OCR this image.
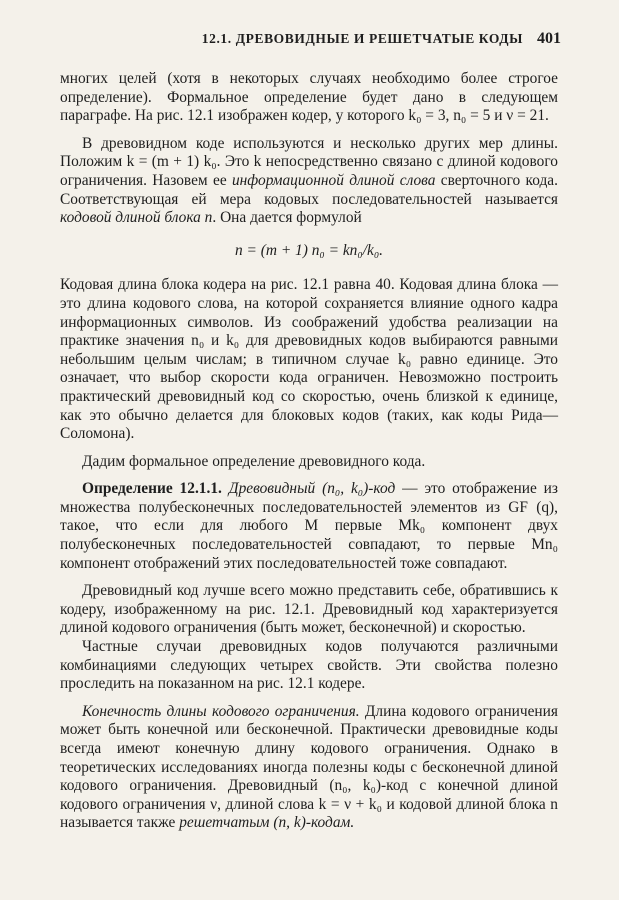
12.1. ДРЕВОВИДНЫЕ И РЕШЕТЧАТЫЕ КОДЫ 401

многих целей (хотя в некоторых случаях необходимо более строгое определение). Формальное определение будет дано в следующем параграфе. На рис. 12.1 изображен кодер, у которого k₀ = 3, n₀ = 5 и ν = 21.

В древовидном коде используются и несколько других мер длины. Положим k = (m + 1) k₀. Это k непосредственно связано с длиной кодового ограничения. Назовем ее информационной длиной слова сверточного кода. Соответствующая ей мера кодовых последовательностей называется кодовой длиной блока n. Она дается формулой

n = (m + 1) n₀ = kn₀/k₀.

Кодовая длина блока кодера на рис. 12.1 равна 40. Кодовая длина блока — это длина кодового слова, на которой сохраняется влияние одного кадра информационных символов. Из соображений удобства реализации на практике значения n₀ и k₀ для древовидных кодов выбираются равными небольшим целым числам; в типичном случае k₀ равно единице. Это означает, что выбор скорости кода ограничен. Невозможно построить практический древовидный код со скоростью, очень близкой к единице, как это обычно делается для блоковых кодов (таких, как коды Рида—Соломона).

Дадим формальное определение древовидного кода.

Определение 12.1.1. Древовидный (n₀, k₀)-код — это отображение из множества полубесконечных последовательностей элементов из GF (q), такое, что если для любого M первые Mk₀ компонент двух полубесконечных последовательностей совпадают, то первые Mn₀ компонент отображений этих последовательностей тоже совпадают.

Древовидный код лучше всего можно представить себе, обратившись к кодеру, изображенному на рис. 12.1. Древовидный код характеризуется длиной кодового ограничения (быть может, бесконечной) и скоростью.

Частные случаи древовидных кодов получаются различными комбинациями следующих четырех свойств. Эти свойства полезно проследить на показанном на рис. 12.1 кодере.

Конечность длины кодового ограничения. Длина кодового ограничения может быть конечной или бесконечной. Практически древовидные коды всегда имеют конечную длину кодового ограничения. Однако в теоретических исследованиях иногда полезны коды с бесконечной длиной кодового ограничения. Древовидный (n₀, k₀)-код с конечной длиной кодового ограничения ν, длиной слова k = ν + k₀ и кодовой длиной блока n называется также решетчатым (n, k)-кодам.
